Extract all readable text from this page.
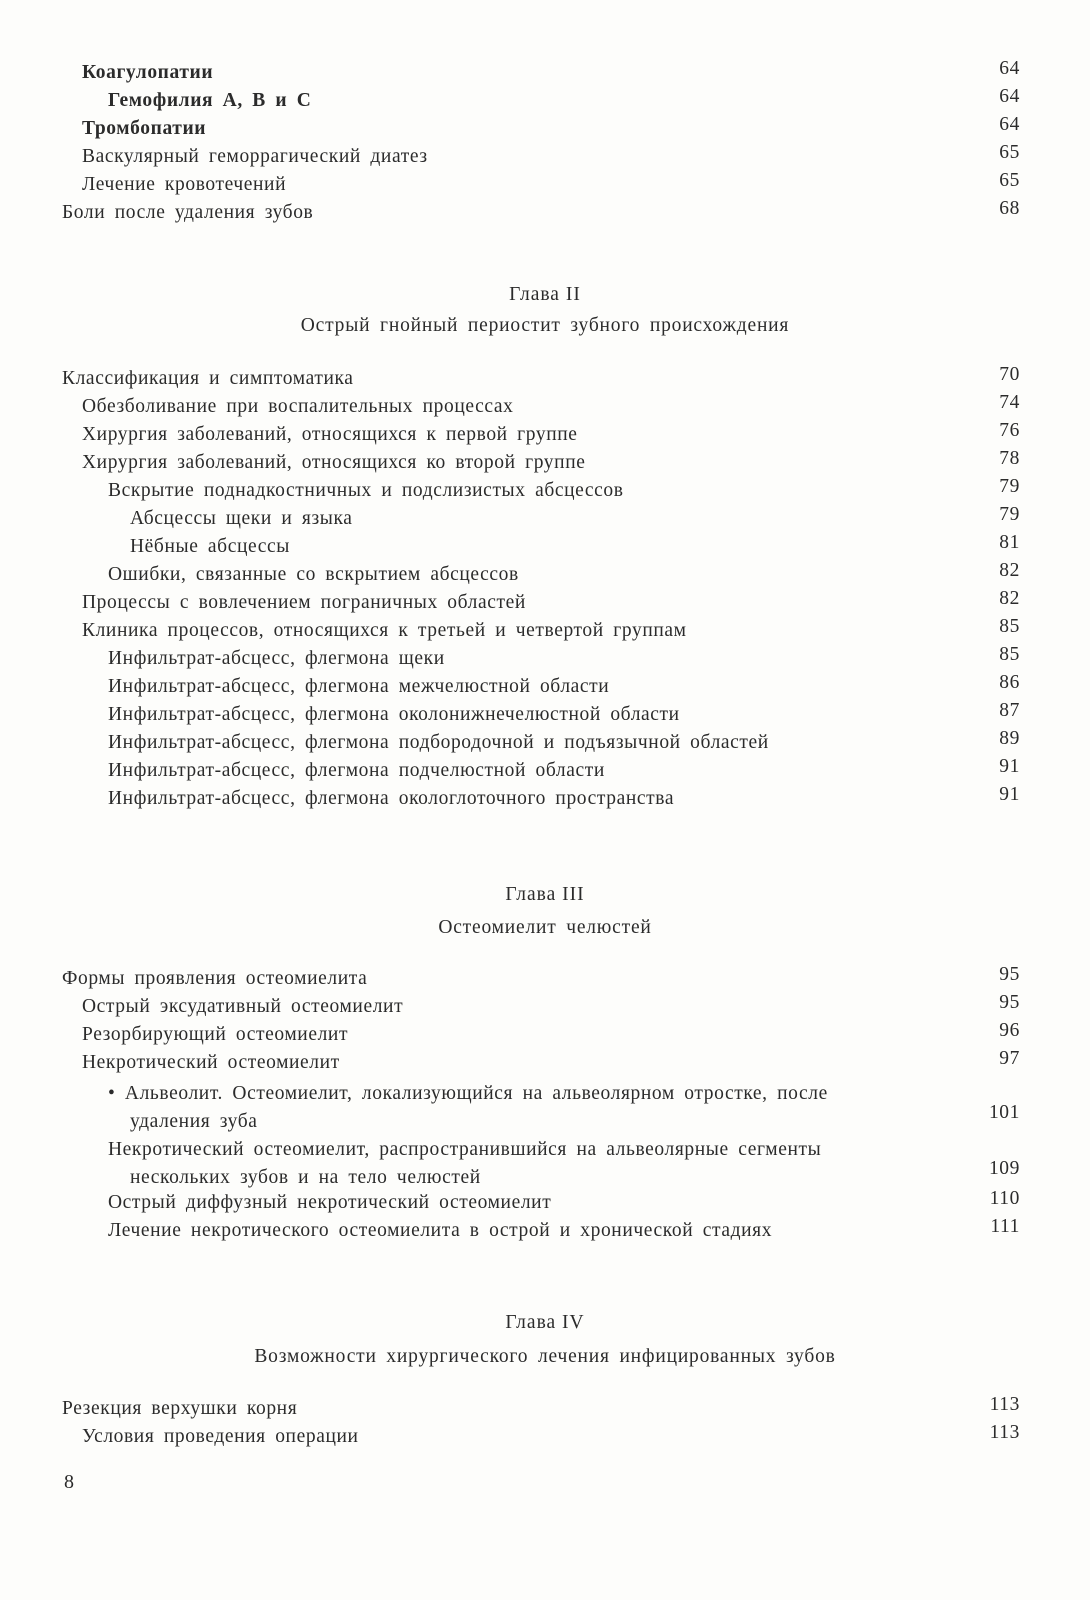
Коагулопатии	64
Гемофилия А, В и С	64
Тромбопатии	64
Васкулярный геморрагический диатез	65
Лечение кровотечений	65
Боли после удаления зубов	68
Глава II
Острый гнойный периостит зубного происхождения
Классификация и симптоматика	70
Обезболивание при воспалительных процессах	74
Хирургия заболеваний, относящихся к первой группе	76
Хирургия заболеваний, относящихся ко второй группе	78
Вскрытие поднадкостничных и подслизистых абсцессов	79
Абсцессы щеки и языка	79
Нёбные абсцессы	81
Ошибки, связанные со вскрытием абсцессов	82
Процессы с вовлечением пограничных областей	82
Клиника процессов, относящихся к третьей и четвертой группам	85
Инфильтрат-абсцесс, флегмона щеки	85
Инфильтрат-абсцесс, флегмона межчелюстной области	86
Инфильтрат-абсцесс, флегмона околонижнечелюстной области	87
Инфильтрат-абсцесс, флегмона подбородочной и подъязычной областей	89
Инфильтрат-абсцесс, флегмона подчелюстной области	91
Инфильтрат-абсцесс, флегмона окологлоточного пространства	91
Глава III
Остеомиелит челюстей
Формы проявления остеомиелита	95
Острый эксудативный остеомиелит	95
Резорбирующий остеомиелит	96
Некротический остеомиелит	97
• Альвеолит. Остеомиелит, локализующийся на альвеолярном отростке, после удаления зуба	101
Некротический остеомиелит, распространившийся на альвеолярные сегменты нескольких зубов и на тело челюстей	109
Острый диффузный некротический остеомиелит	110
Лечение некротического остеомиелита в острой и хронической стадиях	111
Глава IV
Возможности хирургического лечения инфицированных зубов
Резекция верхушки корня	113
Условия проведения операции	113
8
